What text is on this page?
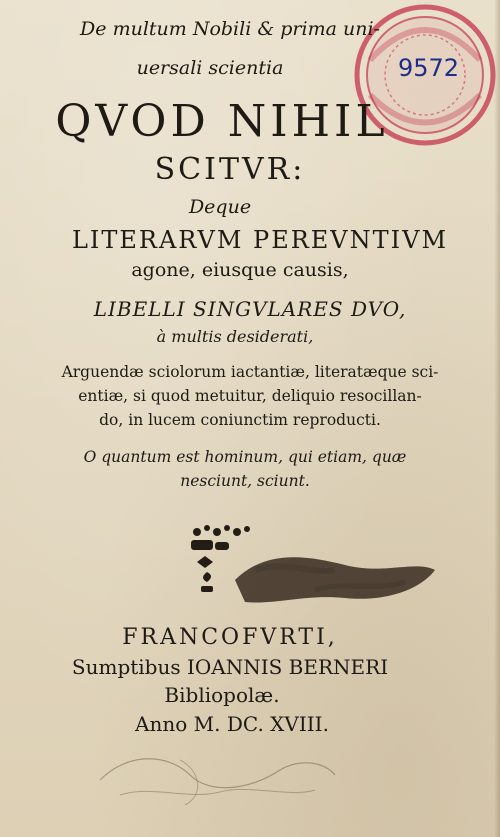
9572
De multum Nobili & prima uni-
uersali scientia
QVOD NIHIL
SCITVR:
Deque
LITERARVM PEREVNTIVM
agone, eiusque causis,
LIBELLI SINGVLARES DVO,
à multis desiderati,
Arguendæ sciolorum iactantiæ, literatæque sci-
entiæ, si quod metuitur, deliquio resocillan-
do, in lucem coniunctim reproducti.
O quantum est hominum, qui etiam, quæ
nesciunt, sciunt.
FRANCOFVRTI,
Sumptibus IOANNIS BERNERI
Bibliopolæ.
Anno M. DC. XVIII.
